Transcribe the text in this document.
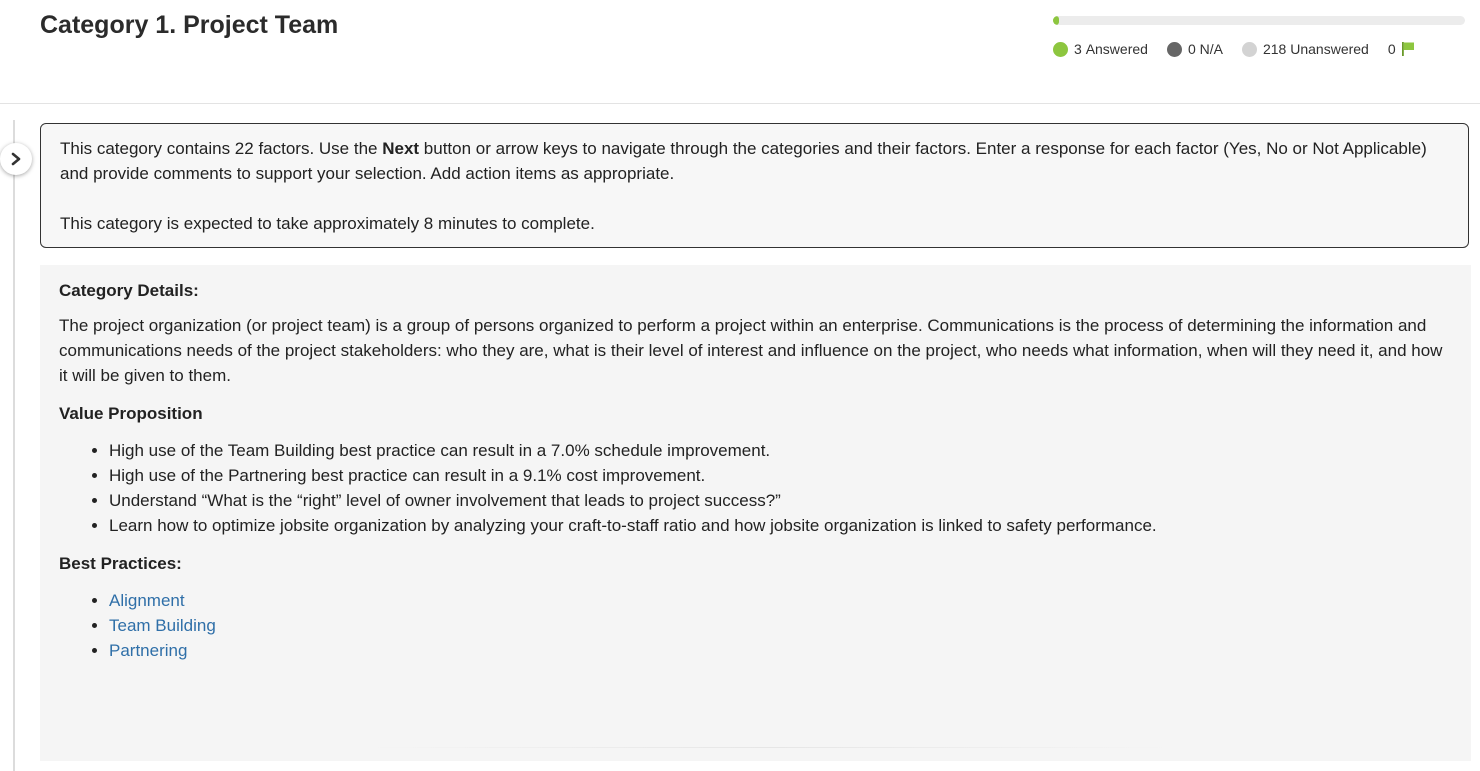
Category 1. Project Team
3
Answered	0
N/A	218
Unanswered 0

This category contains 22 factors. Use the Next button or arrow keys to navigate through the categories and their factors. Enter a response for each factor (Yes, No or Not Applicable) and provide comments to support your selection. Add action items as appropriate.

This category is expected to take approximately 8 minutes to complete.

Category Details:

The project organization (or project team) is a group of persons organized to perform a project within an enterprise. Communications is the process of determining the information and communications needs of the project stakeholders: who they are, what is their level of interest and influence on the project, who needs what information, when will they need it, and how it will be given to them.

Value Proposition
• High use of the Team Building best practice can result in a 7.0% schedule improvement.
• High use of the Partnering best practice can result in a 9.1% cost improvement.
• Understand “What is the “right” level of owner involvement that leads to project success?”
• Learn how to optimize jobsite organization by analyzing your craft-to-staff ratio and how jobsite organization is linked to safety performance.
Best Practices:
• Alignment
• Team Building
• Partnering
